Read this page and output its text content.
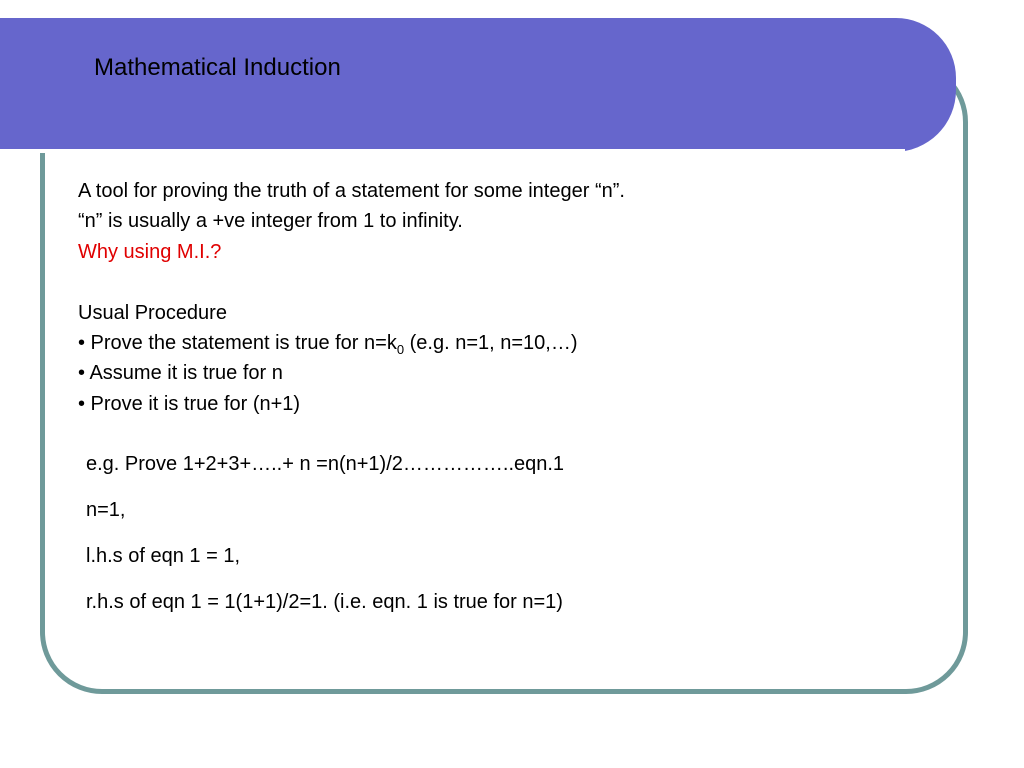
Mathematical Induction

A tool for proving the truth of a statement for some integer “n”.

“n” is usually a +ve integer from 1 to infinity.

Why using M.I.?

Usual Procedure

• Prove the statement is true for $n=k_0$ (e.g. n=1, n=10,…)

• Assume it is true for n

• Prove it is true for (n+1)

e.g. Prove 1+2+3+…..+ n =n(n+1)/2……………..eqn.1

n=1,

l.h.s of eqn 1 = 1,

r.h.s of eqn 1 = 1(1+1)/2=1. (i.e. eqn. 1 is true for n=1)
